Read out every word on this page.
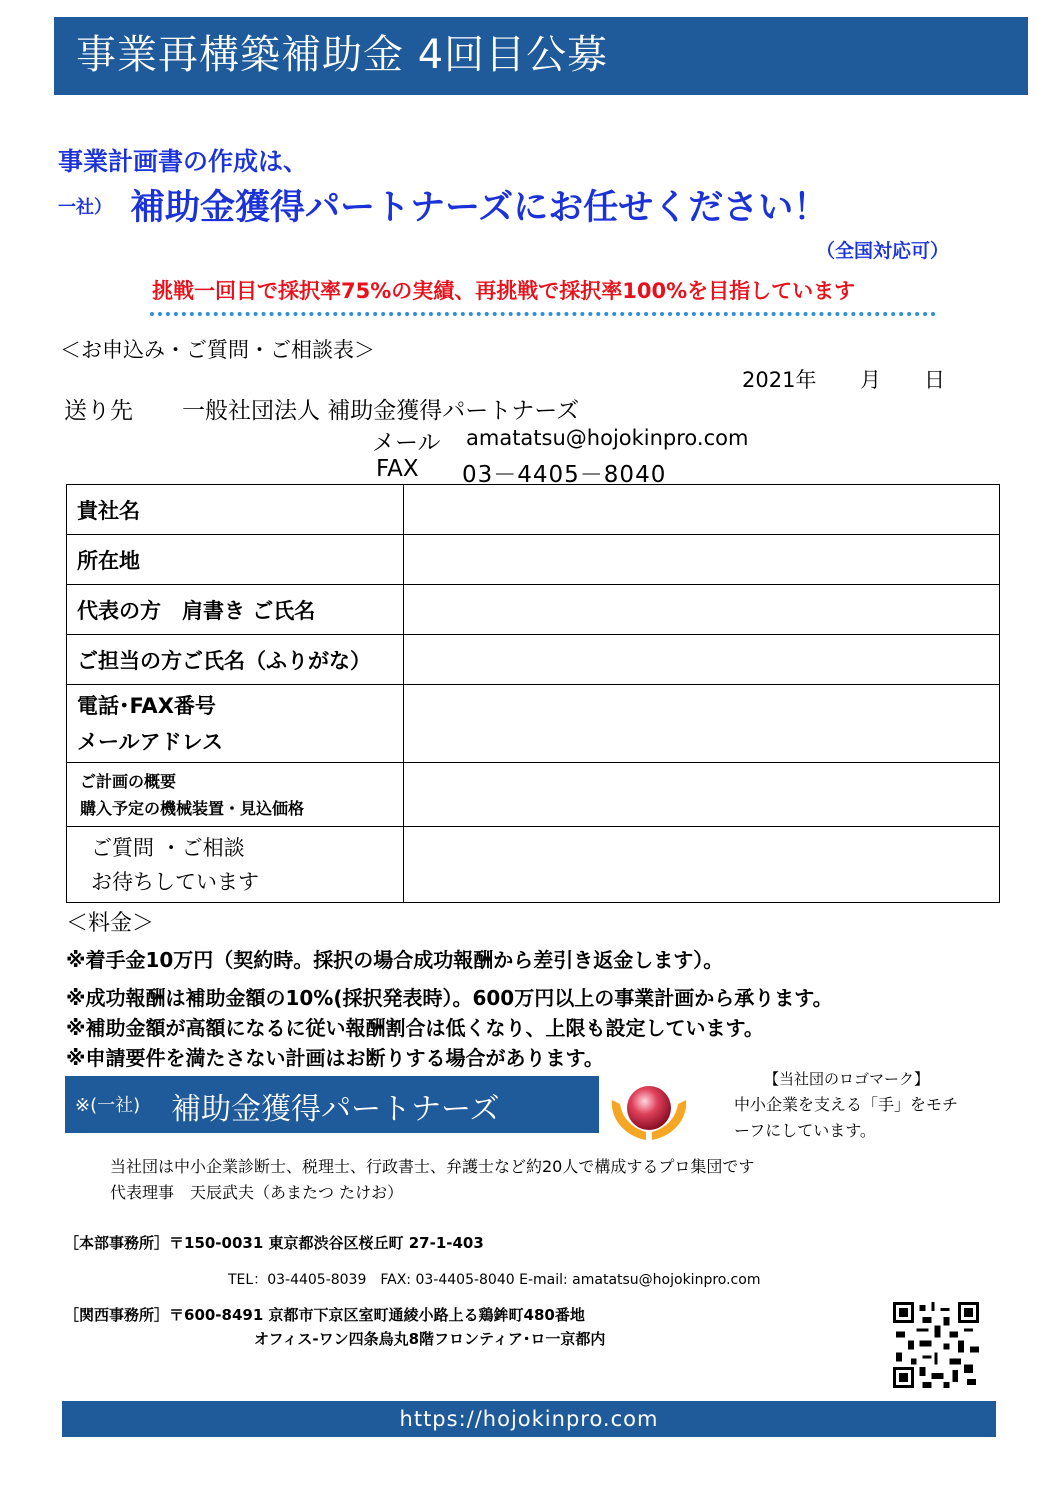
事業再構築補助金 4回目公募
事業計画書の作成は、
一社） 補助金獲得パートナーズにお任せください！
（全国対応可）
挑戦一回目で採択率75%の実績、再挑戦で採択率100%を目指しています
＜お申込み・ご質問・ご相談表＞
2021年 月 日
送り先 一般社団法人 補助金獲得パートナーズ
メール amatatsu@hojokinpro.com
FAX 03－4405－8040
貴社名	
所在地	
代表の方　肩書き ご氏名	
ご担当の方ご氏名（ふりがな）	

電話･FAX番号
メールアドレス	

ご計画の概要
購入予定の機械装置・見込価格	

ご質問 ・ご相談
お待ちしています	

＜料金＞
※着手金10万円（契約時。採択の場合成功報酬から差引き返金します）。
※成功報酬は補助金額の10%(採択発表時）。600万円以上の事業計画から承ります。
※補助金額が高額になるに従い報酬割合は低くなり、上限も設定しています。
※申請要件を満たさない計画はお断りする場合があります。
※(一社) 補助金獲得パートナーズ
【当社団のロゴマーク】
中小企業を支える「手」をモチ
ーフにしています。
当社団は中小企業診断士、税理士、行政書士、弁護士など約20人で構成するプロ集団です
代表理事　天辰武夫（あまたつ たけお）
［本部事務所］〒150-0031 東京都渋谷区桜丘町 27-1-403
TEL：03-4405-8039　FAX: 03-4405-8040 E-mail: amatatsu@hojokinpro.com
［関西事務所］〒600-8491 京都市下京区室町通綾小路上る鶏鉾町480番地
オフィス-ワン四条烏丸8階フロンティア･ロ一京都内
https://hojokinpro.com
